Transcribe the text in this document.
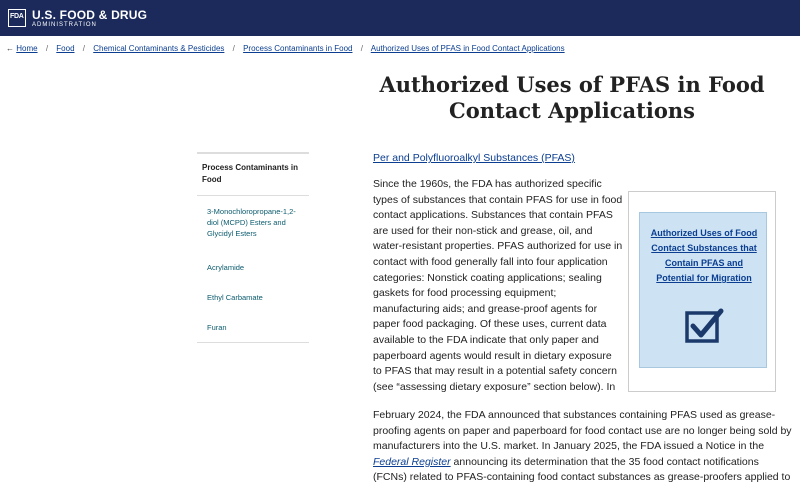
FDA U.S. FOOD & DRUG
ADMINISTRATION
← Home / Food / Chemical Contaminants & Pesticides / Process Contaminants in Food / Authorized Uses of PFAS in Food Contact Applications
Authorized Uses of PFAS in Food Contact Applications
Process Contaminants in Food
3-Monochloropropane-1,2-diol (MCPD) Esters and Glycidyl Esters
Acrylamide
Ethyl Carbamate
Furan
Per and Polyfluoroalkyl Substances (PFAS)

Since the 1960s, the FDA has authorized specific types of substances that contain PFAS for use in food contact applications. Substances that contain PFAS are used for their non-stick and grease, oil, and water-resistant properties. PFAS authorized for use in contact with food generally fall into four application categories: Nonstick coating applications; sealing gaskets for food processing equipment; manufacturing aids; and grease-proof agents for paper food packaging. Of these uses, current data available to the FDA indicate that only paper and paperboard agents would result in dietary exposure to PFAS that may result in a potential safety concern (see “assessing dietary exposure” section below). In

February 2024, the FDA announced that substances containing PFAS used as grease-proofing agents on paper and paperboard for food contact use are no longer being sold by manufacturers into the U.S. market. In January 2025, the FDA issued a Notice in the Federal Register announcing its determination that the 35 food contact notifications (FCNs) related to PFAS-containing food contact substances as grease-proofers applied to

Authorized Uses of Food Contact Substances that Contain PFAS and Potential for Migration
